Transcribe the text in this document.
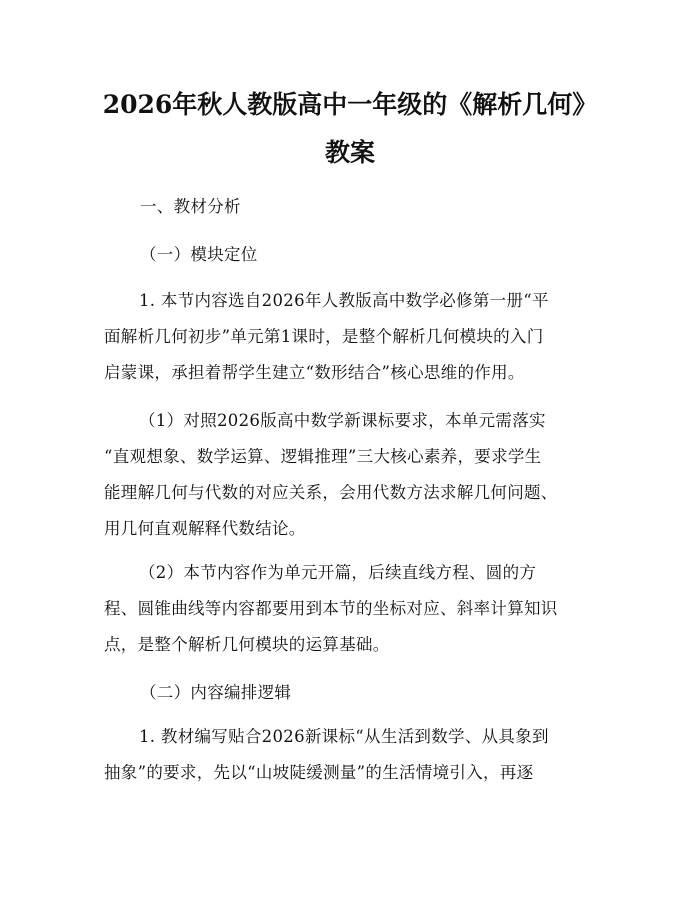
2026年秋人教版高中一年级的《解析几何》
教案
一、教材分析
（一）模块定位
1. 本节内容选自2026年人教版高中数学必修第一册“平
面解析几何初步”单元第1课时，是整个解析几何模块的入门
启蒙课，承担着帮学生建立“数形结合”核心思维的作用。
（1）对照2026版高中数学新课标要求，本单元需落实
“直观想象、数学运算、逻辑推理”三大核心素养，要求学生
能理解几何与代数的对应关系，会用代数方法求解几何问题、
用几何直观解释代数结论。
（2）本节内容作为单元开篇，后续直线方程、圆的方
程、圆锥曲线等内容都要用到本节的坐标对应、斜率计算知识
点，是整个解析几何模块的运算基础。
（二）内容编排逻辑
1. 教材编写贴合2026新课标“从生活到数学、从具象到
抽象”的要求，先以“山坡陡缓测量”的生活情境引入，再逐
